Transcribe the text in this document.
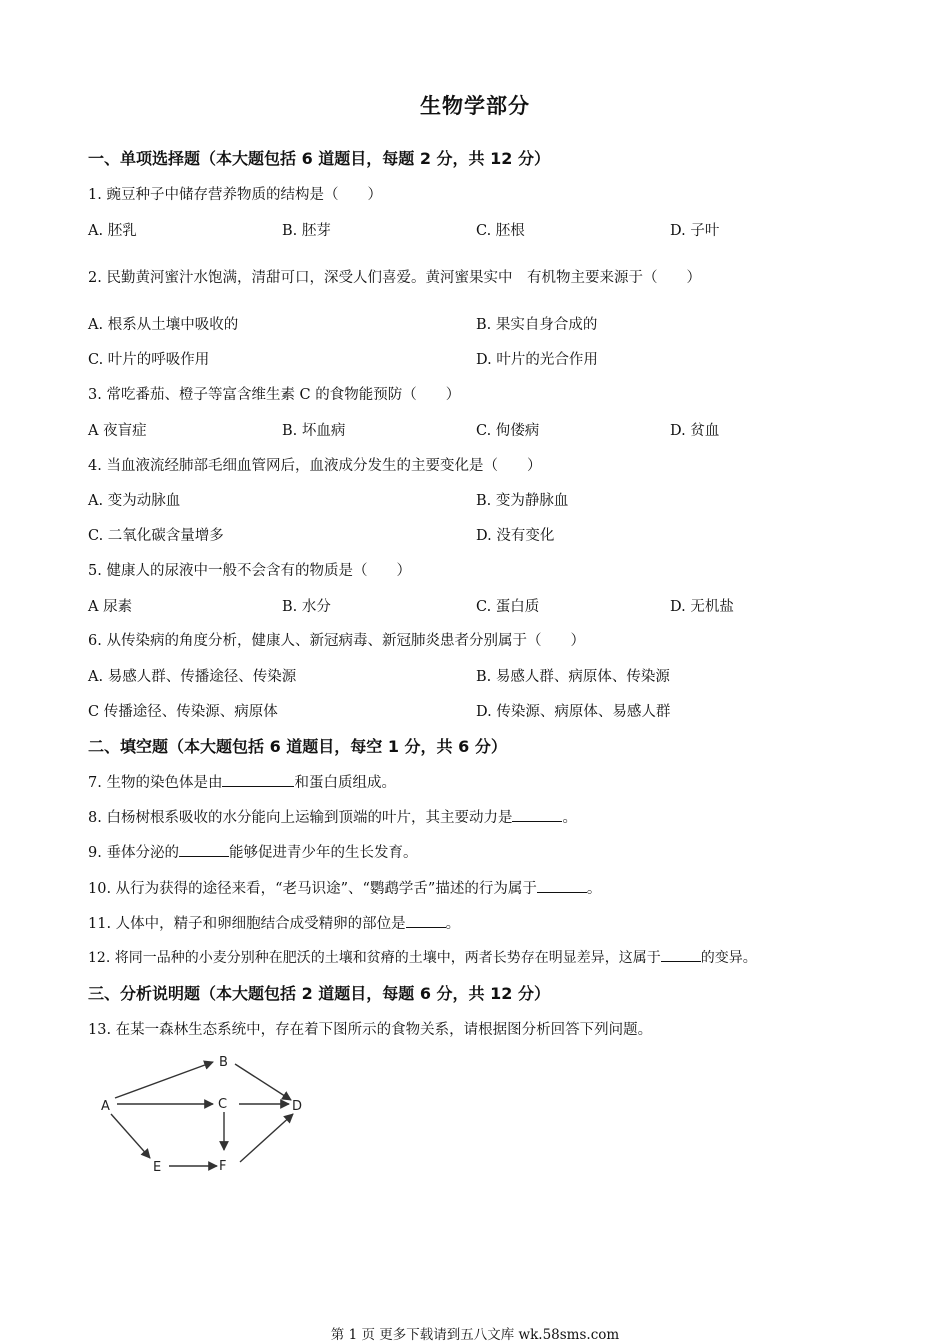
生物学部分
一、单项选择题（本大题包括 6 道题目，每题 2 分，共 12 分）
1. 豌豆种子中储存营养物质的结构是（　　）
A. 胚乳	B. 胚芽	C. 胚根	D. 子叶
2. 民勤黄河蜜汁水饱满，清甜可口，深受人们喜爱。黄河蜜果实中　有机物主要来源于（　　）
A. 根系从土壤中吸收的	B. 果实自身合成的
C. 叶片的呼吸作用	D. 叶片的光合作用
3. 常吃番茄、橙子等富含维生素 C 的食物能预防（　　）
A 夜盲症	B. 坏血病	C. 佝偻病	D. 贫血
4. 当血液流经肺部毛细血管网后，血液成分发生的主要变化是（　　）
A. 变为动脉血	B. 变为静脉血
C. 二氧化碳含量增多	D. 没有变化
5. 健康人的尿液中一般不会含有的物质是（　　）
A 尿素	B. 水分	C. 蛋白质	D. 无机盐
6. 从传染病的角度分析，健康人、新冠病毒、新冠肺炎患者分别属于（　　）
A. 易感人群、传播途径、传染源	B. 易感人群、病原体、传染源
C 传播途径、传染源、病原体	D. 传染源、病原体、易感人群
二、填空题（本大题包括 6 道题目，每空 1 分，共 6 分）
7. 生物的染色体是由	和蛋白质组成。
8. 白杨树根系吸收的水分能向上运输到顶端的叶片，其主要动力是	。
9. 垂体分泌的	能够促进青少年的生长发育。
10. 从行为获得的途径来看，“老马识途”、“鹦鹉学舌”描述的行为属于	。
11. 人体中，精子和卵细胞结合成受精卵的部位是	。
12. 将同一品种的小麦分别种在肥沃的土壤和贫瘠的土壤中，两者长势存在明显差异，这属于	的变异。
三、分析说明题（本大题包括 2 道题目，每题 6 分，共 12 分）
13. 在某一森林生态系统中，存在着下图所示的食物关系，请根据图分析回答下列问题。
A
B
C	D
E	F
第 1 页 更多下载请到五八文库 wk.58sms.com
